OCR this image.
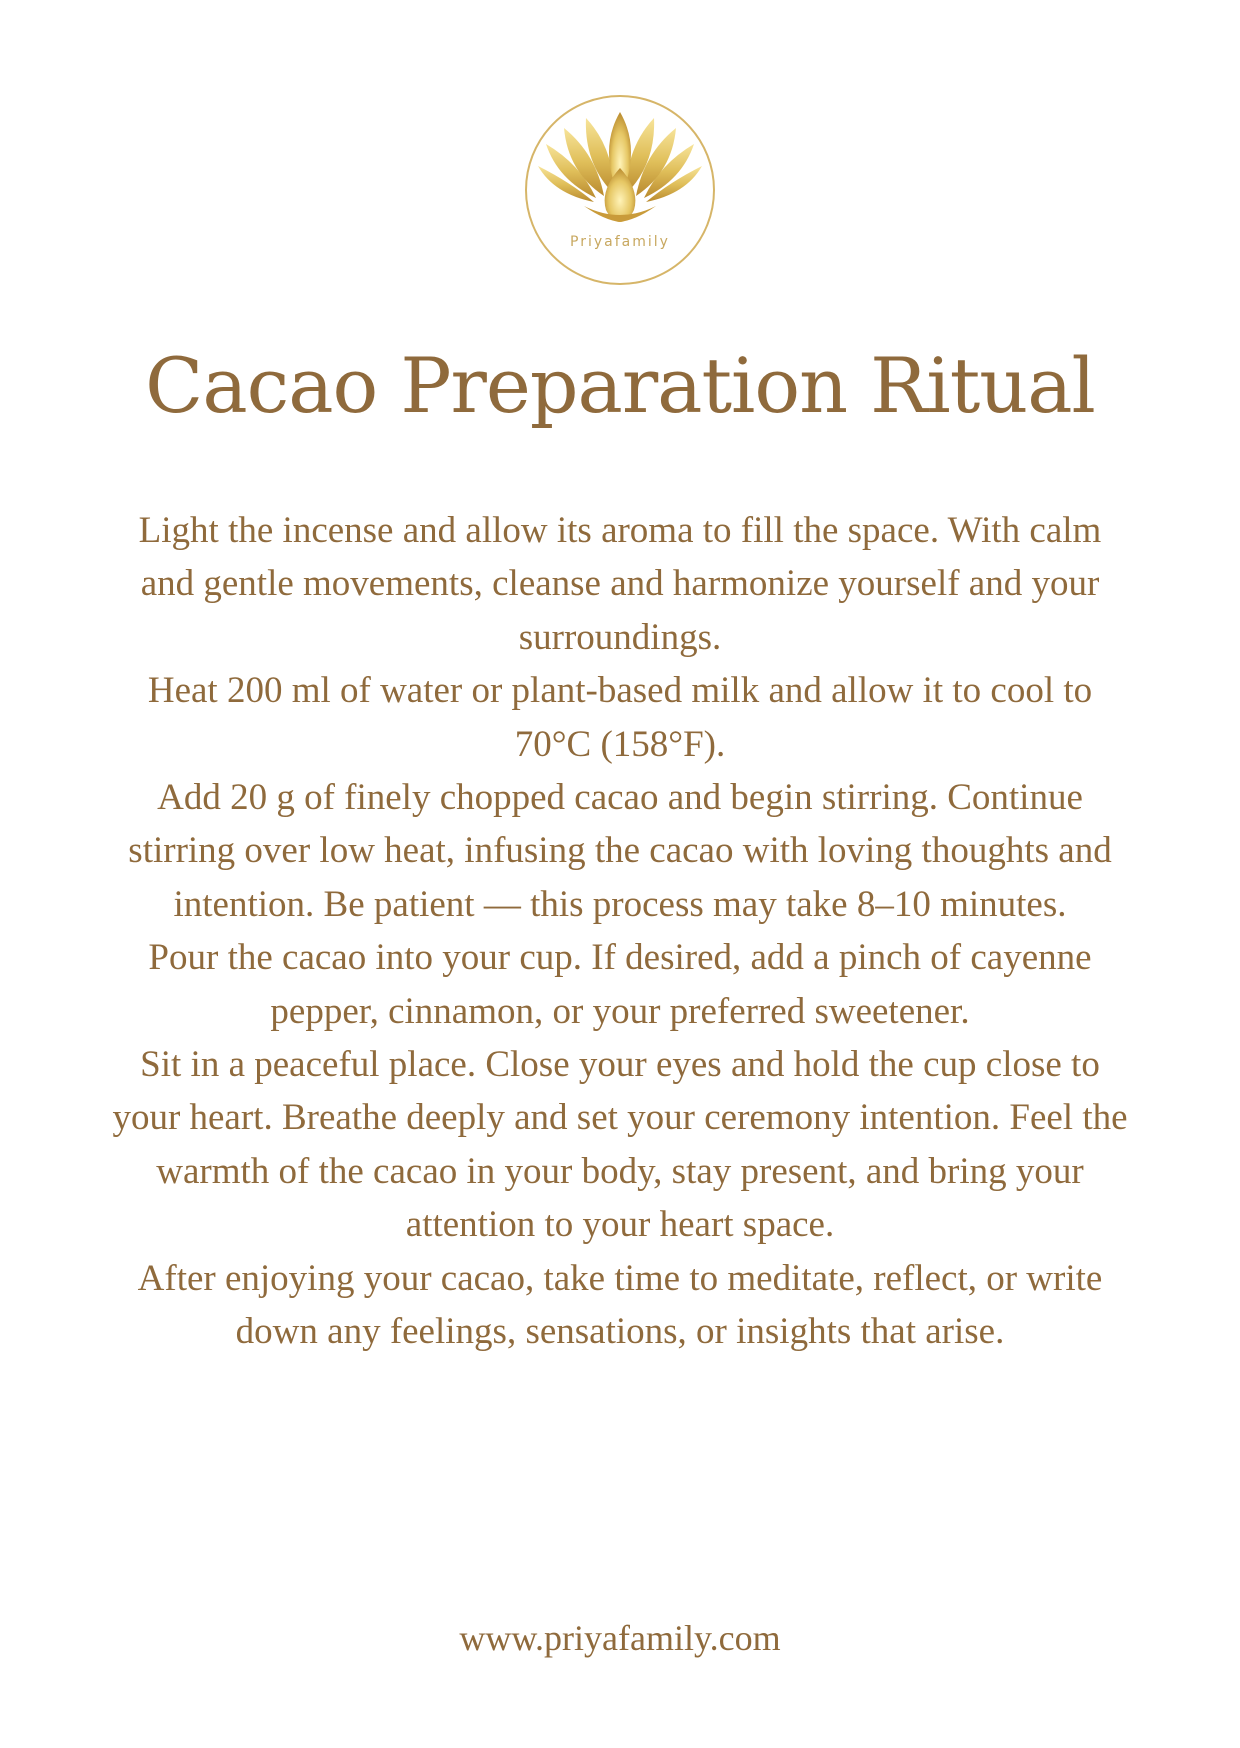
Priyafamily
Cacao Preparation Ritual

Light the incense and allow its aroma to fill the space. With calm and gentle movements, cleanse and harmonize yourself and your surroundings.

Heat 200 ml of water or plant-based milk and allow it to cool to 70°C (158°F).

Add 20 g of finely chopped cacao and begin stirring. Continue stirring over low heat, infusing the cacao with loving thoughts and intention. Be patient — this process may take 8–10 minutes.

Pour the cacao into your cup. If desired, add a pinch of cayenne pepper, cinnamon, or your preferred sweetener.

Sit in a peaceful place. Close your eyes and hold the cup close to your heart. Breathe deeply and set your ceremony intention. Feel the warmth of the cacao in your body, stay present, and bring your attention to your heart space.

After enjoying your cacao, take time to meditate, reflect, or write down any feelings, sensations, or insights that arise.

www.priyafamily.com
